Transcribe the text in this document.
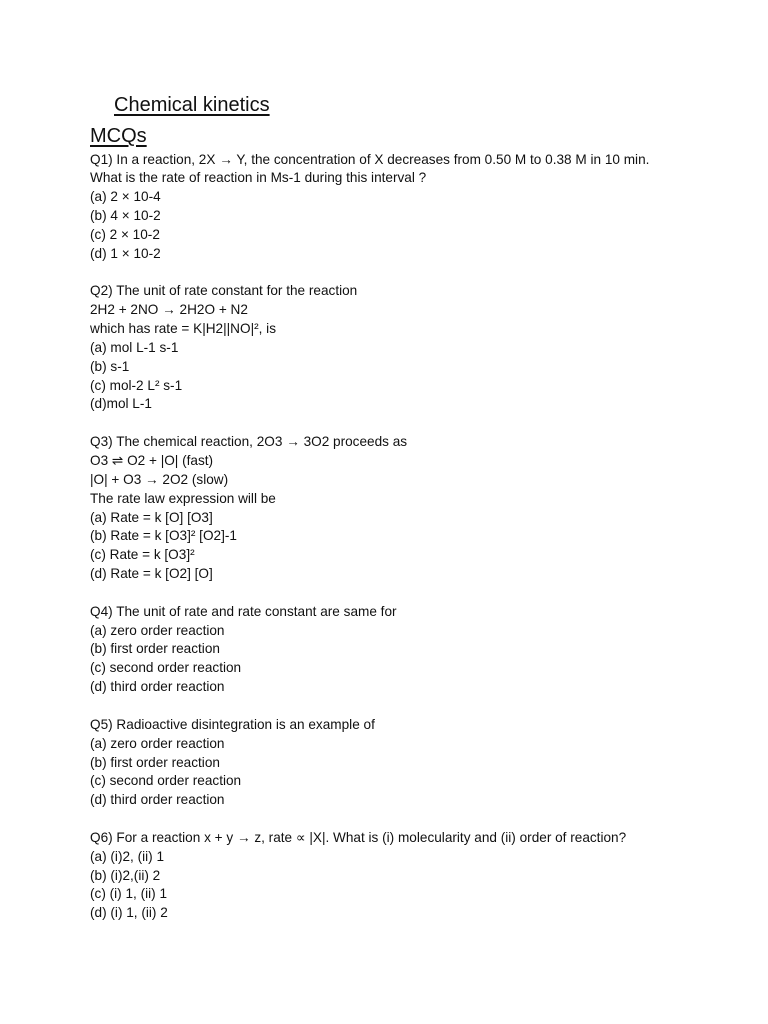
Chemical kinetics
MCQs
Q1) In a reaction, 2X → Y, the concentration of X decreases from 0.50 M to 0.38 M in 10 min.
What is the rate of reaction in Ms-1 during this interval ?
(a) 2 × 10-4
(b) 4 × 10-2
(c) 2 × 10-2
(d) 1 × 10-2
Q2) The unit of rate constant for the reaction
2H2 + 2NO → 2H2O + N2
which has rate = K|H2||NO|², is
(a) mol L-1 s-1
(b) s-1
(c) mol-2 L² s-1
(d)mol L-1
Q3) The chemical reaction, 2O3 → 3O2 proceeds as
O3 ⇌ O2 + |O| (fast)
|O| + O3 → 2O2 (slow)
The rate law expression will be
(a) Rate = k [O] [O3]
(b) Rate = k [O3]² [O2]-1
(c) Rate = k [O3]²
(d) Rate = k [O2] [O]
Q4) The unit of rate and rate constant are same for
(a) zero order reaction
(b) first order reaction
(c) second order reaction
(d) third order reaction
Q5) Radioactive disintegration is an example of
(a) zero order reaction
(b) first order reaction
(c) second order reaction
(d) third order reaction
Q6) For a reaction x + y → z, rate ∝ |X|. What is (i) molecularity and (ii) order of reaction?
(a) (i)2, (ii) 1
(b) (i)2,(ii) 2
(c) (i) 1, (ii) 1
(d) (i) 1, (ii) 2
